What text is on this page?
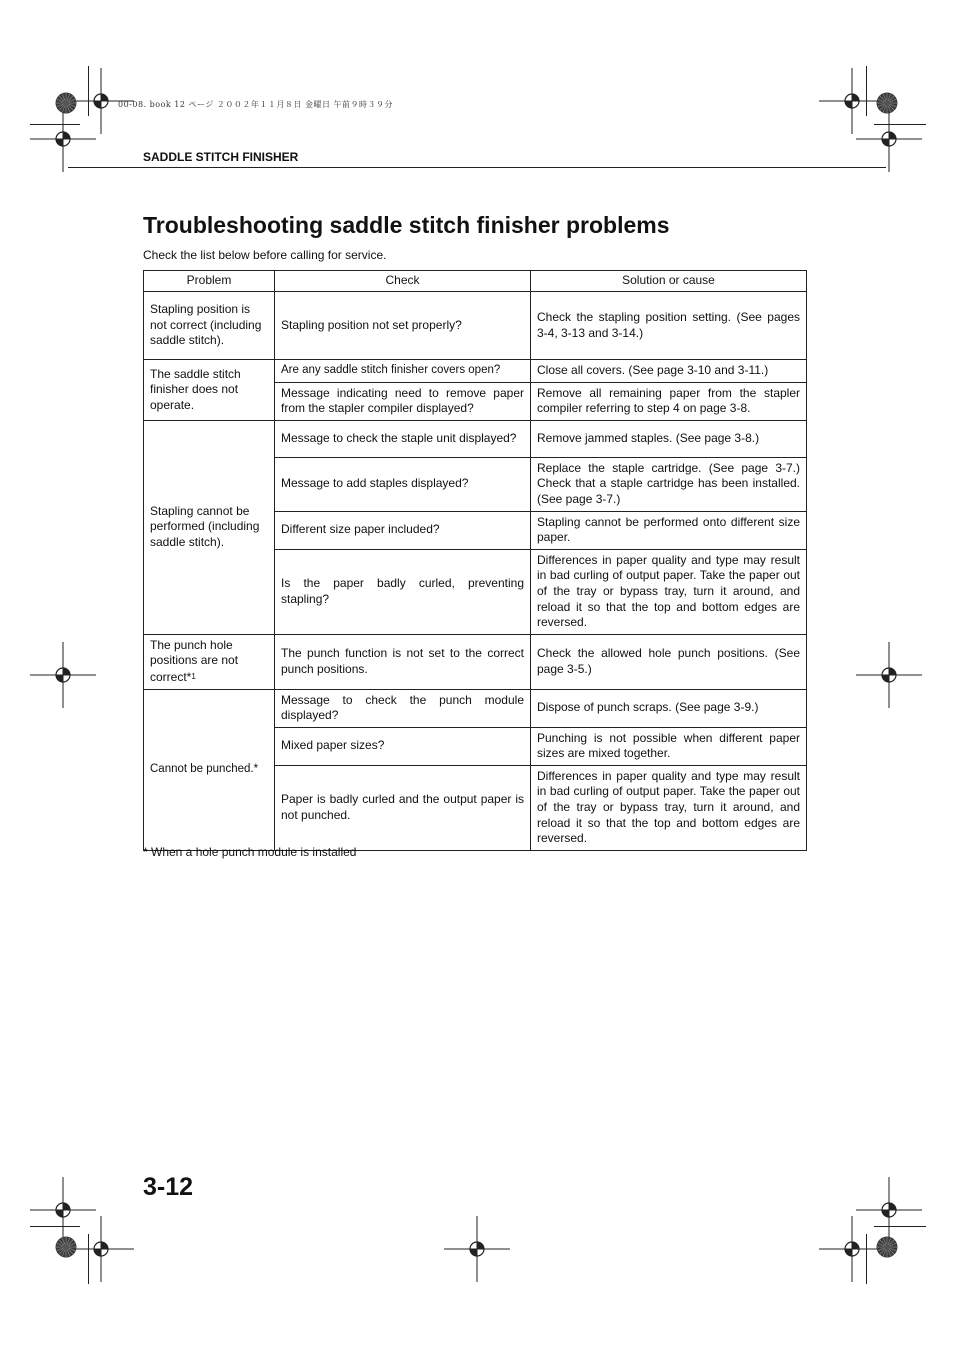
00-08. book 12 ページ ２００２年１１月８日 金曜日 午前９時３９分
SADDLE STITCH FINISHER
Troubleshooting saddle stitch finisher problems
Check the list below before calling for service.
Problem	Check	Solution or cause
Stapling position is not correct (including saddle stitch).	Stapling position not set properly?	Check the stapling position setting. (See pages 3-4, 3-13 and 3-14.)
The saddle stitch finisher does not operate.	Are any saddle stitch finisher covers open?	Close all covers. (See page 3-10 and 3-11.)
	Message indicating need to remove paper from the stapler compiler displayed?	Remove all remaining paper from the stapler compiler referring to step 4 on page 3-8.
Stapling cannot be performed (including saddle stitch).	Message to check the staple unit displayed?	Remove jammed staples. (See page 3-8.)
	Message to add staples displayed?	Replace the staple cartridge. (See page 3-7.) Check that a staple cartridge has been installed. (See page 3-7.)
	Different size paper included?	Stapling cannot be performed onto different size paper.
	Is the paper badly curled, preventing stapling?	Differences in paper quality and type may result in bad curling of output paper. Take the paper out of the tray or bypass tray, turn it around, and reload it so that the top and bottom edges are reversed.
The punch hole positions are not correct*$^1$	The punch function is not set to the correct punch positions.	Check the allowed hole punch positions. (See page 3-5.)
Cannot be punched.*	Message to check the punch module displayed?	Dispose of punch scraps. (See page 3-9.)
	Mixed paper sizes?	Punching is not possible when different paper sizes are mixed together.
	Paper is badly curled and the output paper is not punched.	Differences in paper quality and type may result in bad curling of output paper. Take the paper out of the tray or bypass tray, turn it around, and reload it so that the top and bottom edges are reversed.
* When a hole punch module is installed
3-12
